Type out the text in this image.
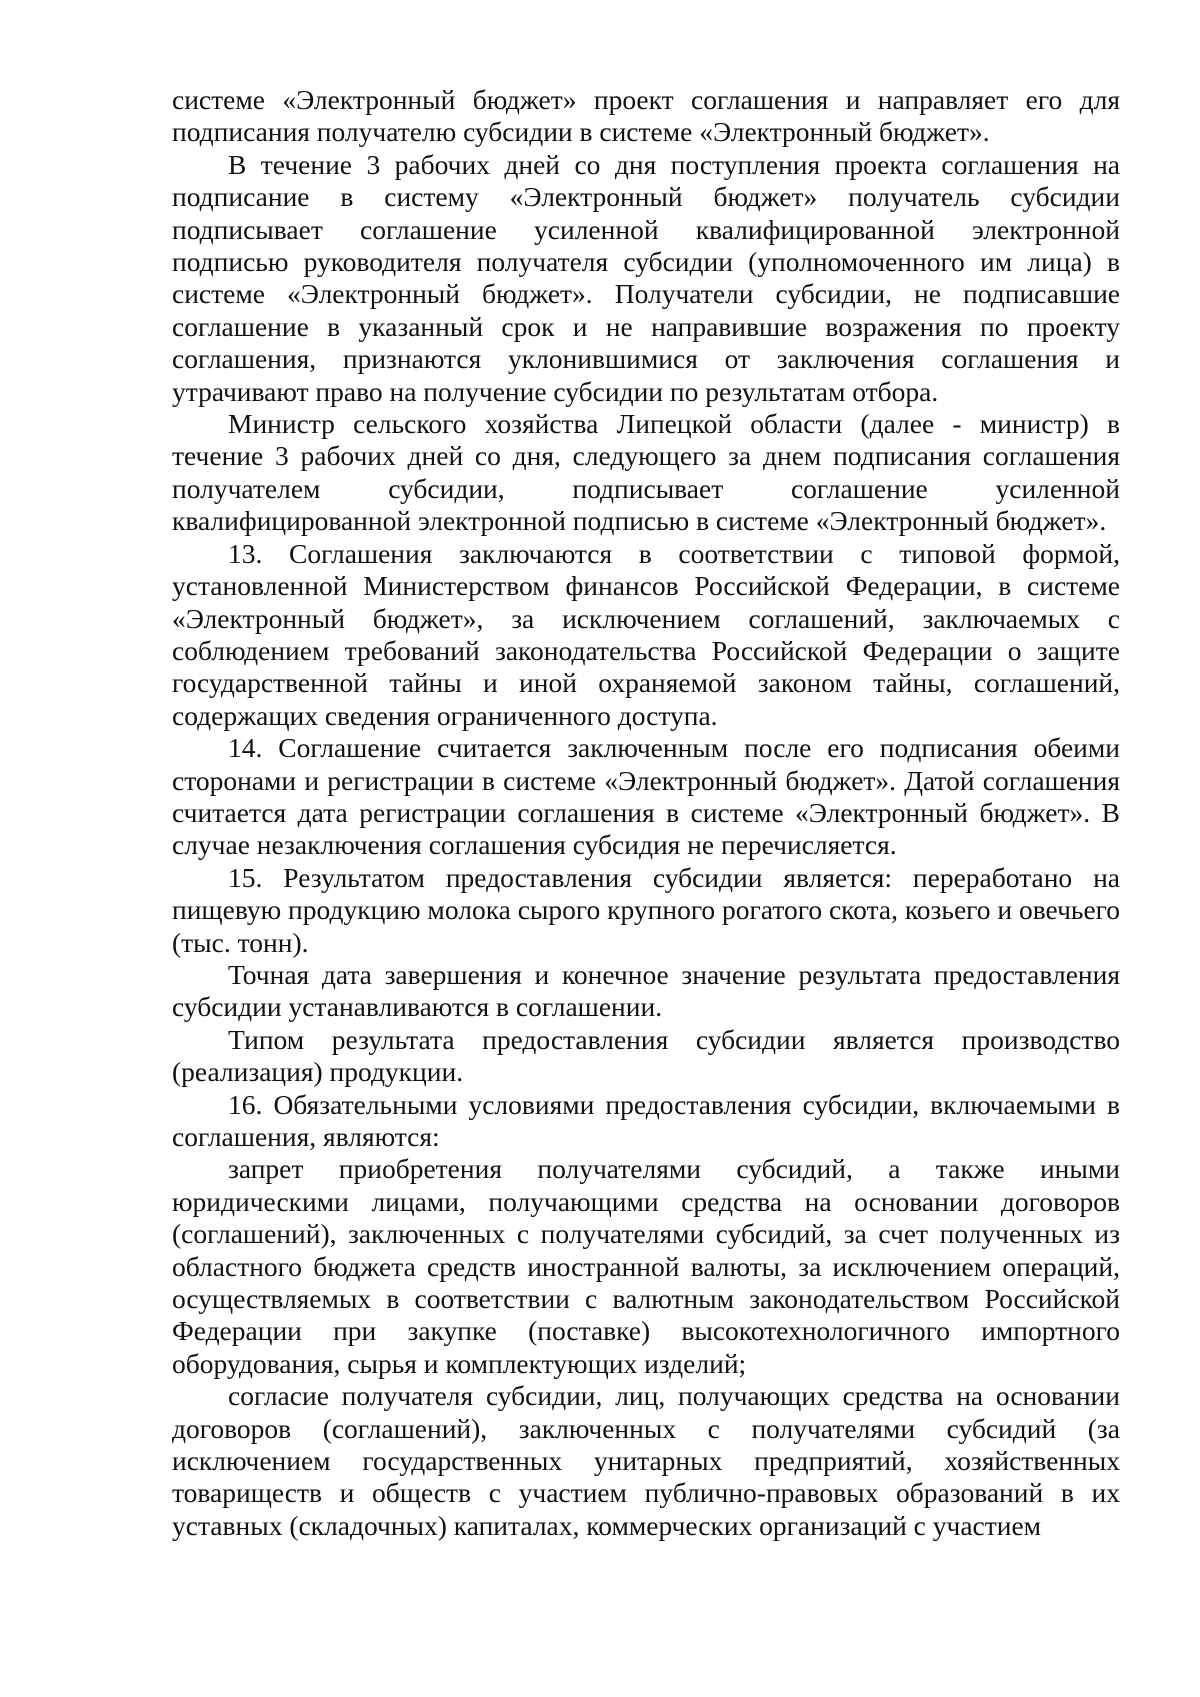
системе «Электронный бюджет» проект соглашения и направляет его для подписания получателю субсидии в системе «Электронный бюджет».

В течение 3 рабочих дней со дня поступления проекта соглашения на подписание в систему «Электронный бюджет» получатель субсидии подписывает соглашение усиленной квалифицированной электронной подписью руководителя получателя субсидии (уполномоченного им лица) в системе «Электронный бюджет». Получатели субсидии, не подписавшие соглашение в указанный срок и не направившие возражения по проекту соглашения, признаются уклонившимися от заключения соглашения и утрачивают право на получение субсидии по результатам отбора.

Министр сельского хозяйства Липецкой области (далее - министр) в течение 3 рабочих дней со дня, следующего за днем подписания соглашения получателем субсидии, подписывает соглашение усиленной квалифицированной электронной подписью в системе «Электронный бюджет».

13. Соглашения заключаются в соответствии с типовой формой, установленной Министерством финансов Российской Федерации, в системе «Электронный бюджет», за исключением соглашений, заключаемых с соблюдением требований законодательства Российской Федерации о защите государственной тайны и иной охраняемой законом тайны, соглашений, содержащих сведения ограниченного доступа.

14. Соглашение считается заключенным после его подписания обеими сторонами и регистрации в системе «Электронный бюджет». Датой соглашения считается дата регистрации соглашения в системе «Электронный бюджет». В случае незаключения соглашения субсидия не перечисляется.

15. Результатом предоставления субсидии является: переработано на пищевую продукцию молока сырого крупного рогатого скота, козьего и овечьего (тыс. тонн).

Точная дата завершения и конечное значение результата предоставления субсидии устанавливаются в соглашении.

Типом результата предоставления субсидии является производство (реализация) продукции.

16. Обязательными условиями предоставления субсидии, включаемыми в соглашения, являются:

запрет приобретения получателями субсидий, а также иными юридическими лицами, получающими средства на основании договоров (соглашений), заключенных с получателями субсидий, за счет полученных из областного бюджета средств иностранной валюты, за исключением операций, осуществляемых в соответствии с валютным законодательством Российской Федерации при закупке (поставке) высокотехнологичного импортного оборудования, сырья и комплектующих изделий;

согласие получателя субсидии, лиц, получающих средства на основании договоров (соглашений), заключенных с получателями субсидий (за исключением государственных унитарных предприятий, хозяйственных товариществ и обществ с участием публично-правовых образований в их уставных (складочных) капиталах, коммерческих организаций с участием
